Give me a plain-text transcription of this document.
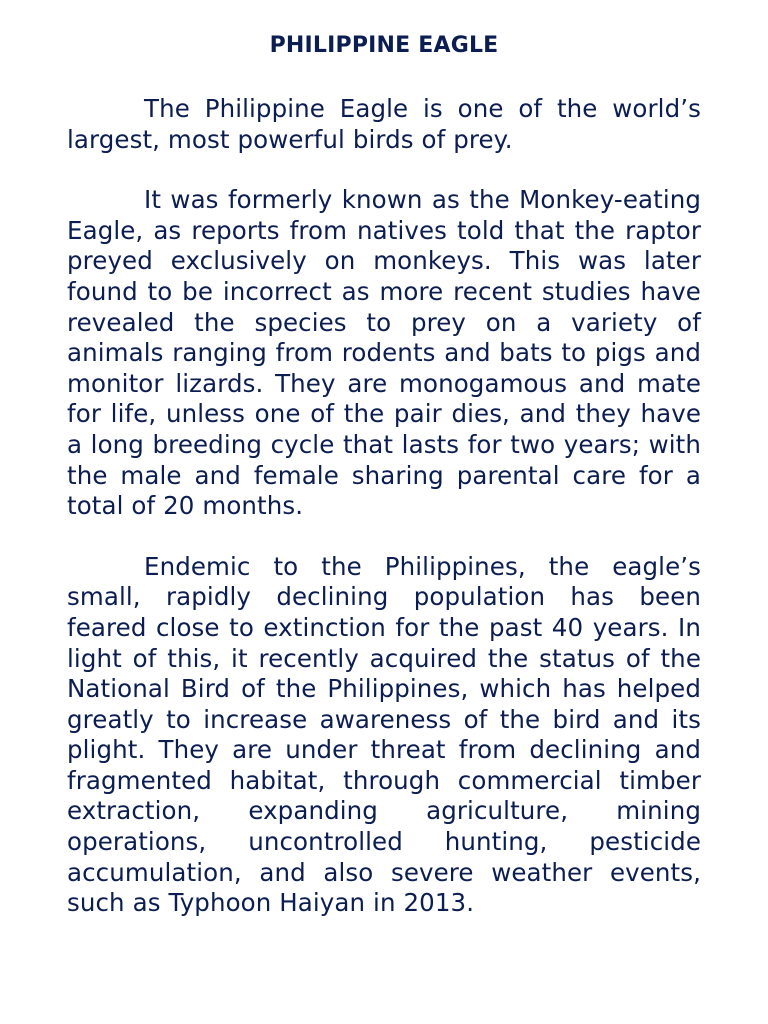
PHILIPPINE EAGLE

The Philippine Eagle is one of the world’s largest, most powerful birds of prey.

It was formerly known as the Monkey-eating Eagle, as reports from natives told that the raptor preyed exclusively on monkeys. This was later found to be incorrect as more recent studies have revealed the species to prey on a variety of animals ranging from rodents and bats to pigs and monitor lizards. They are monogamous and mate for life, unless one of the pair dies, and they have a long breeding cycle that lasts for two years; with the male and female sharing parental care for a total of 20 months.

Endemic to the Philippines, the eagle’s small, rapidly declining population has been feared close to extinction for the past 40 years. In light of this, it recently acquired the status of the National Bird of the Philippines, which has helped greatly to increase awareness of the bird and its plight. They are under threat from declining and fragmented habitat, through commercial timber extraction, expanding agriculture, mining operations, uncontrolled hunting, pesticide accumulation, and also severe weather events, such as Typhoon Haiyan in 2013.
